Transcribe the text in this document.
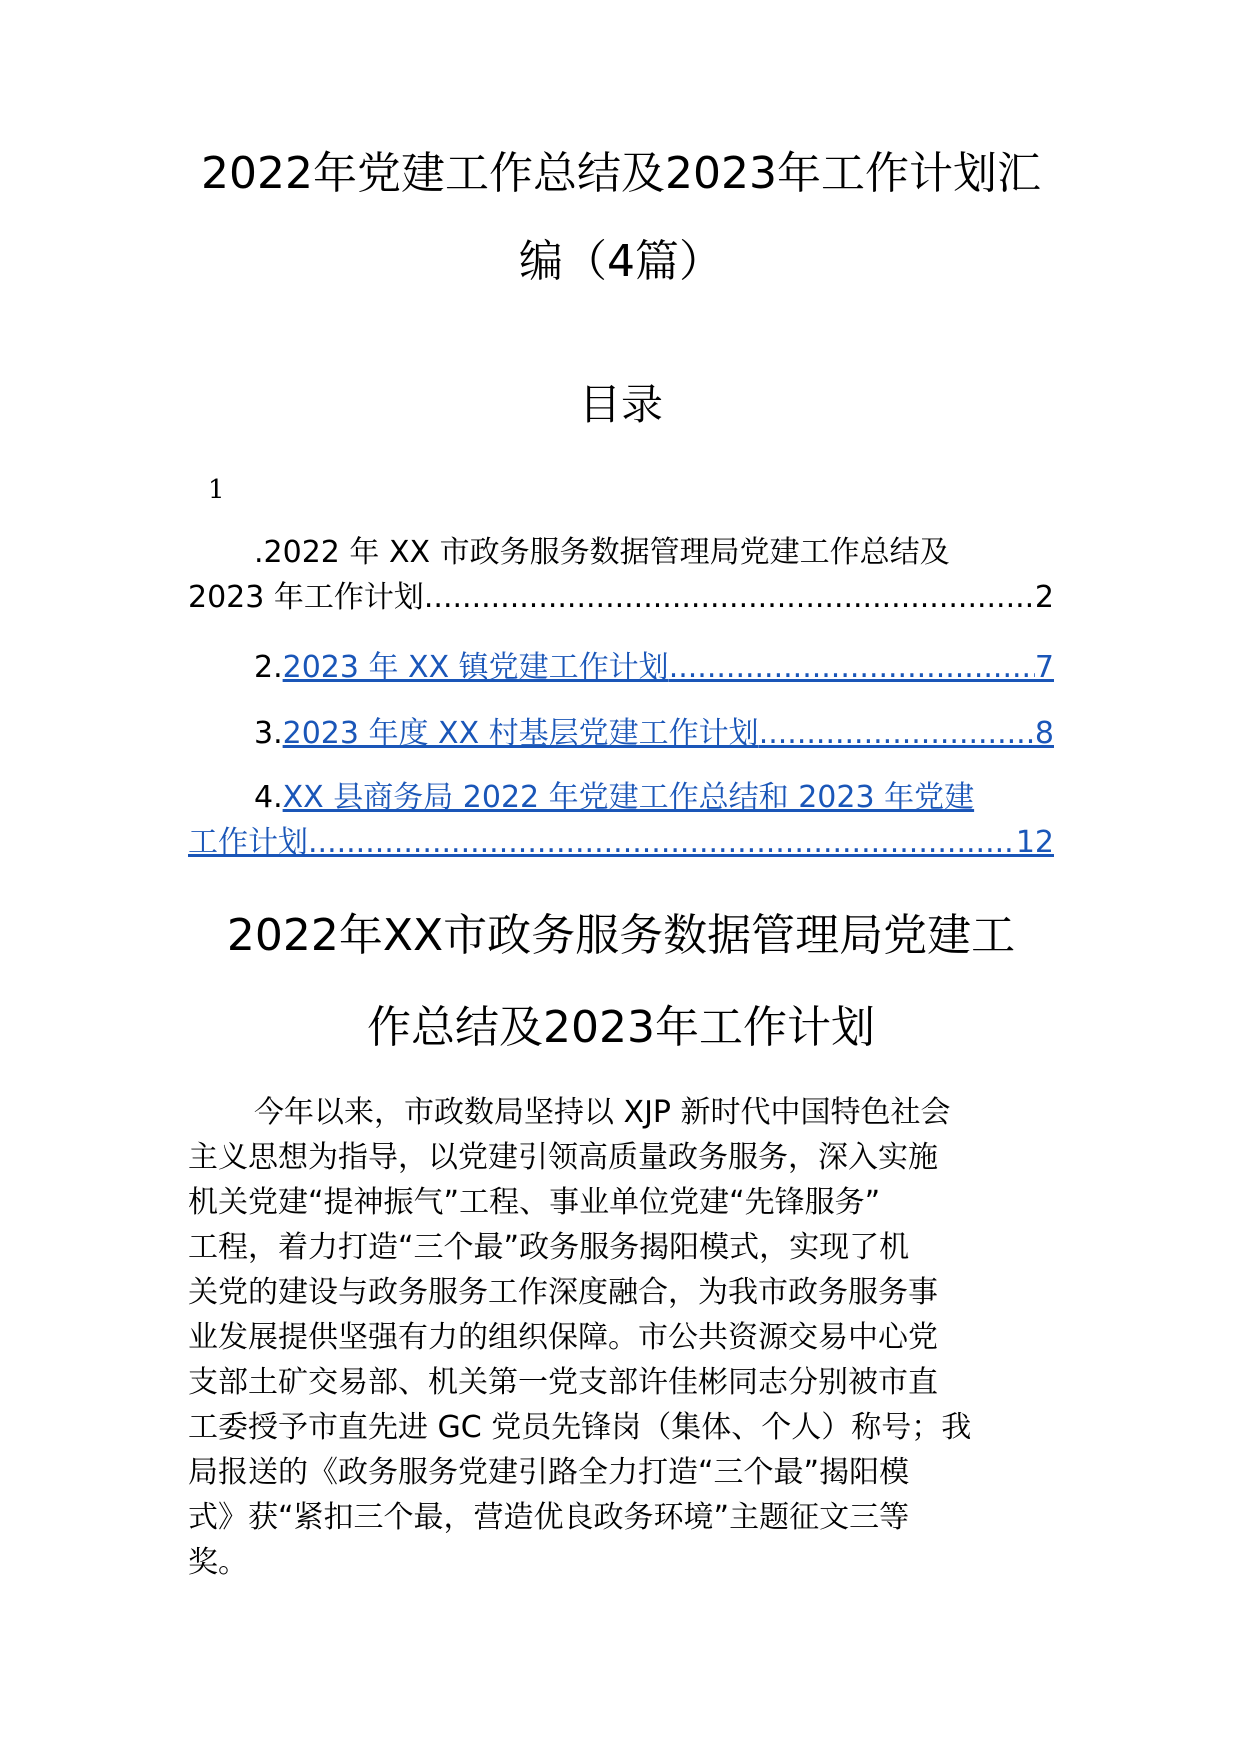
2022年党建工作总结及2023年工作计划汇
编（4篇）
目录
1
.2022 年 XX 市政务服务数据管理局党建工作总结及
2023 年工作计划 .....	2
2. 2023 年 XX 镇党建工作计划 .....	7
3. 2023 年度 XX 村基层党建工作计划 .....	8
4. XX 县商务局 2022 年党建工作总结和 2023 年党建
工作计划 .....	12
2022年XX市政务服务数据管理局党建工
作总结及2023年工作计划
今年以来，市政数局坚持以 XJP 新时代中国特色社会
主义思想为指导，以党建引领高质量政务服务，深入实施
机关党建“提神振气”工程、事业单位党建“先锋服务”
工程，着力打造“三个最”政务服务揭阳模式，实现了机
关党的建设与政务服务工作深度融合，为我市政务服务事
业发展提供坚强有力的组织保障。市公共资源交易中心党
支部土矿交易部、机关第一党支部许佳彬同志分别被市直
工委授予市直先进 GC 党员先锋岗（集体、个人）称号；我
局报送的《政务服务党建引路全力打造“三个最”揭阳模
式》获“紧扣三个最，营造优良政务环境”主题征文三等
奖。
